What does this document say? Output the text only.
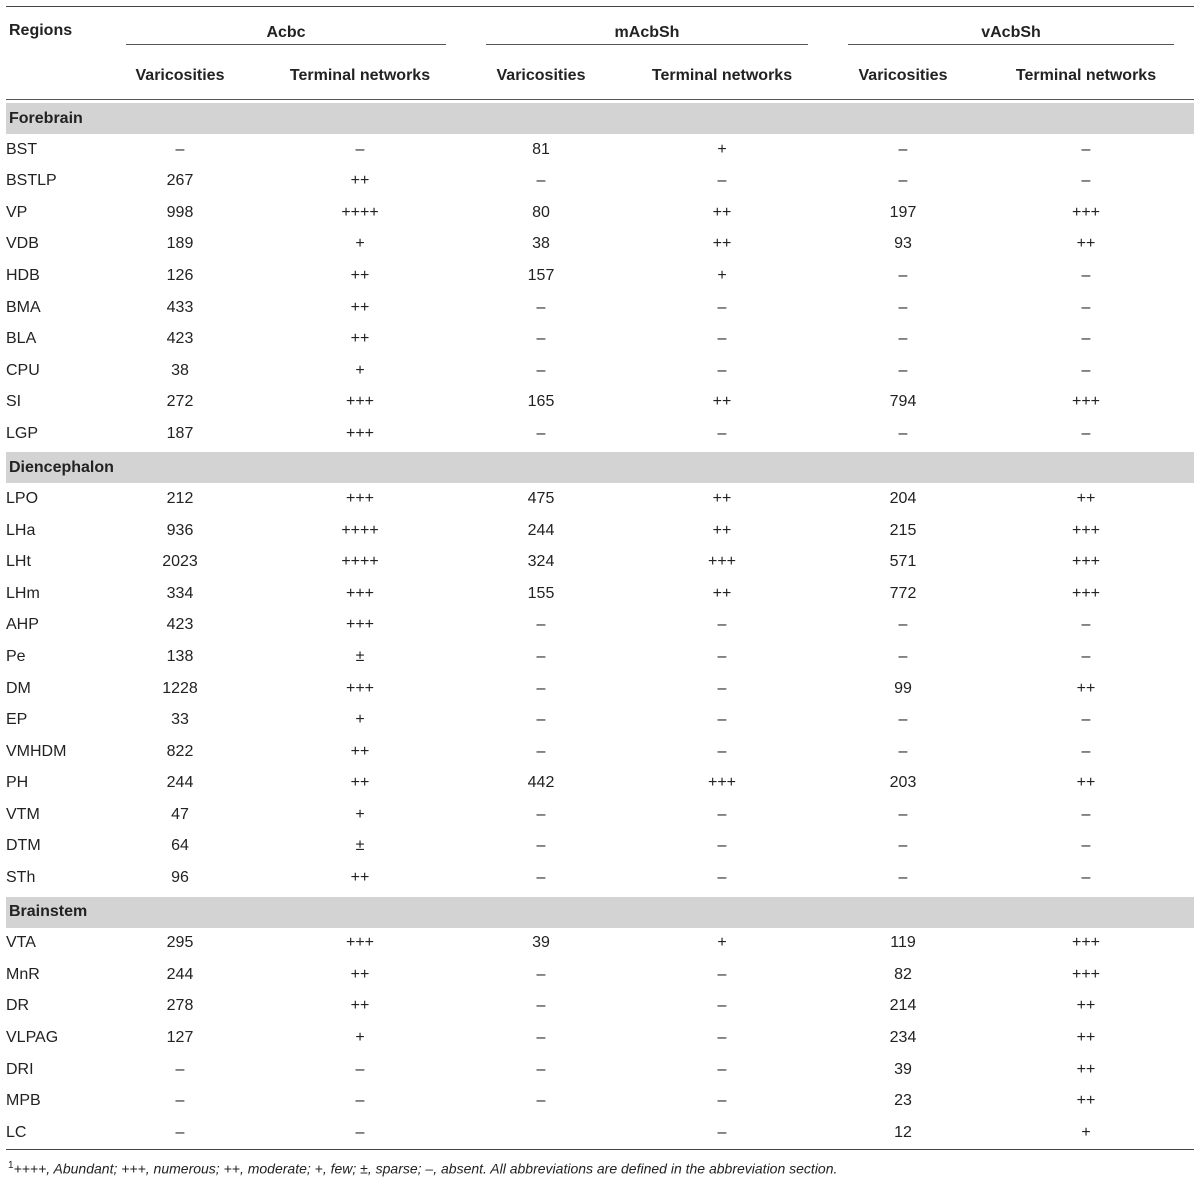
Regions	Acbc		mAcbSh		vAcbSh	

	Varicosities	Terminal networks	Varicosities	Terminal networks	Varicosities	Terminal networks

Forebrain						
BST	–	–	81	+	–	–
BSTLP	267	++	–	–	–	–
VP	998	++++	80	++	197	+++
VDB	189	+	38	++	93	++
HDB	126	++	157	+	–	–
BMA	433	++	–	–	–	–
BLA	423	++	–	–	–	–
CPU	38	+	–	–	–	–
SI	272	+++	165	++	794	+++
LGP	187	+++	–	–	–	–

Diencephalon						
LPO	212	+++	475	++	204	++
LHa	936	++++	244	++	215	+++
LHt	2023	++++	324	+++	571	+++
LHm	334	+++	155	++	772	+++
AHP	423	+++	–	–	–	–
Pe	138	±	–	–	–	–
DM	1228	+++	–	–	99	++
EP	33	+	–	–	–	–
VMHDM	822	++	–	–	–	–
PH	244	++	442	+++	203	++
VTM	47	+	–	–	–	–
DTM	64	±	–	–	–	–
STh	96	++	–	–	–	–

Brainstem						
VTA	295	+++	39	+	119	+++
MnR	244	++	–	–	82	+++
DR	278	++	–	–	214	++
VLPAG	127	+	–	–	234	++
DRI	–	–	–	–	39	++
MPB	–	–	–	–	23	++
LC	–	–		–	12	+
$^1$++++, Abundant; +++, numerous; ++, moderate; +, few; ±, sparse; –, absent. All abbreviations are defined in the abbreviation section.
